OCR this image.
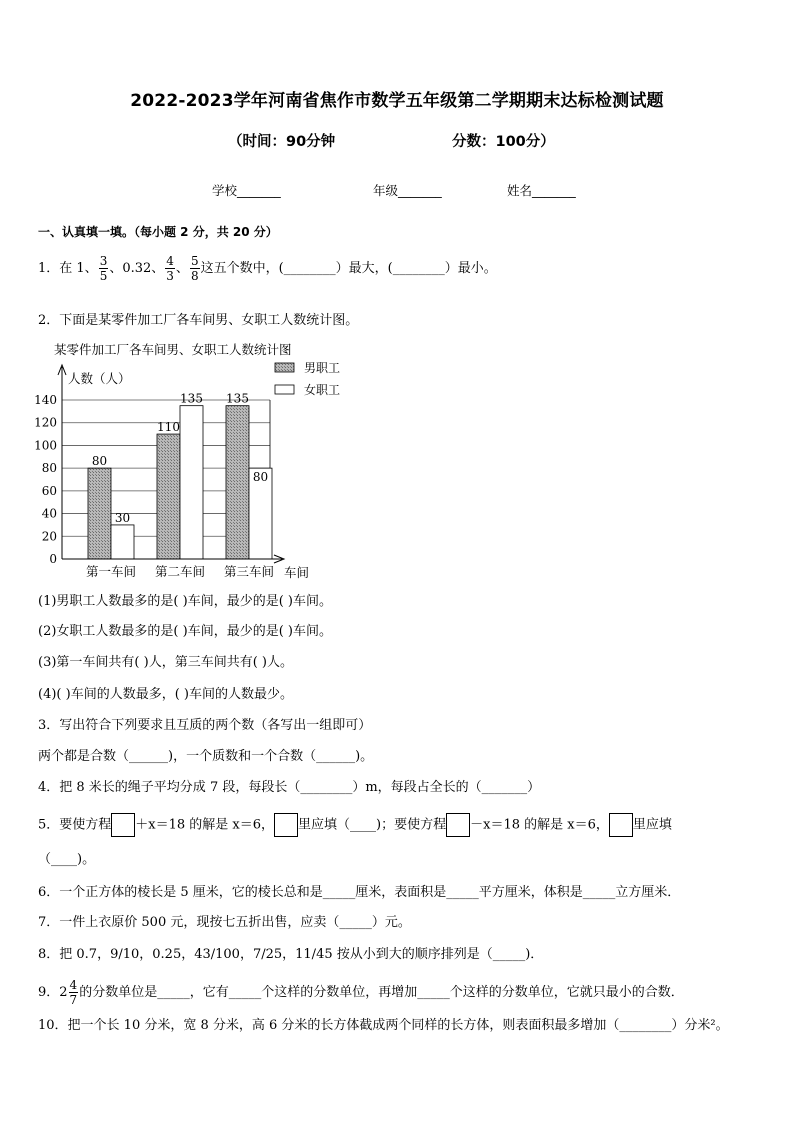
2022-2023学年河南省焦作市数学五年级第二学期期末达标检测试题
（时间：90分钟	分数：100分）
学校_______	年级_______	姓名_______
一、认真填一填。（每小题 2 分，共 20 分）
1．在 1、 $\frac{3}{5}$ 、0.32、 $\frac{4}{3}$ 、 $\frac{5}{8}$ 这五个数中，(________）最大，(________）最小。
2．下面是某零件加工厂各车间男、女职工人数统计图。
某零件加工厂各车间男、女职工人数统计图
80
30
110
135 135
80
0
20
40
60
80
100
120
140
第一车间 第二车间 第三车间
人数（人）
车间
男职工
女职工
(1)男职工人数最多的是( )车间，最少的是( )车间。
(2)女职工人数最多的是( )车间，最少的是( )车间。
(3)第一车间共有( )人，第三车间共有( )人。
(4)( )车间的人数最多，( )车间的人数最少。
3．写出符合下列要求且互质的两个数（各写出一组即可）
两个都是合数（______)，一个质数和一个合数（______)。
4．把 8 米长的绳子平均分成 7 段，每段长（________）m，每段占全长的（_______）
5．要使方程 ＋x＝18 的解是 x＝6， 里应填（____)；要使方程 －x＝18 的解是 x＝6， 里应填
（____)。
6．一个正方体的棱长是 5 厘米，它的棱长总和是_____厘米，表面积是_____平方厘米，体积是_____立方厘米．
7．一件上衣原价 500 元，现按七五折出售，应卖（_____）元。
8．把 0.7，9/10，0.25，43/100，7/25，11/45 按从小到大的顺序排列是（_____)．
9．$2 \frac{4}{7}$ 的分数单位是_____，它有_____个这样的分数单位，再增加_____个这样的分数单位，它就只最小的合数．
10．把一个长 10 分米，宽 8 分米，高 6 分米的长方体截成两个同样的长方体，则表面积最多增加（________）分米²。
